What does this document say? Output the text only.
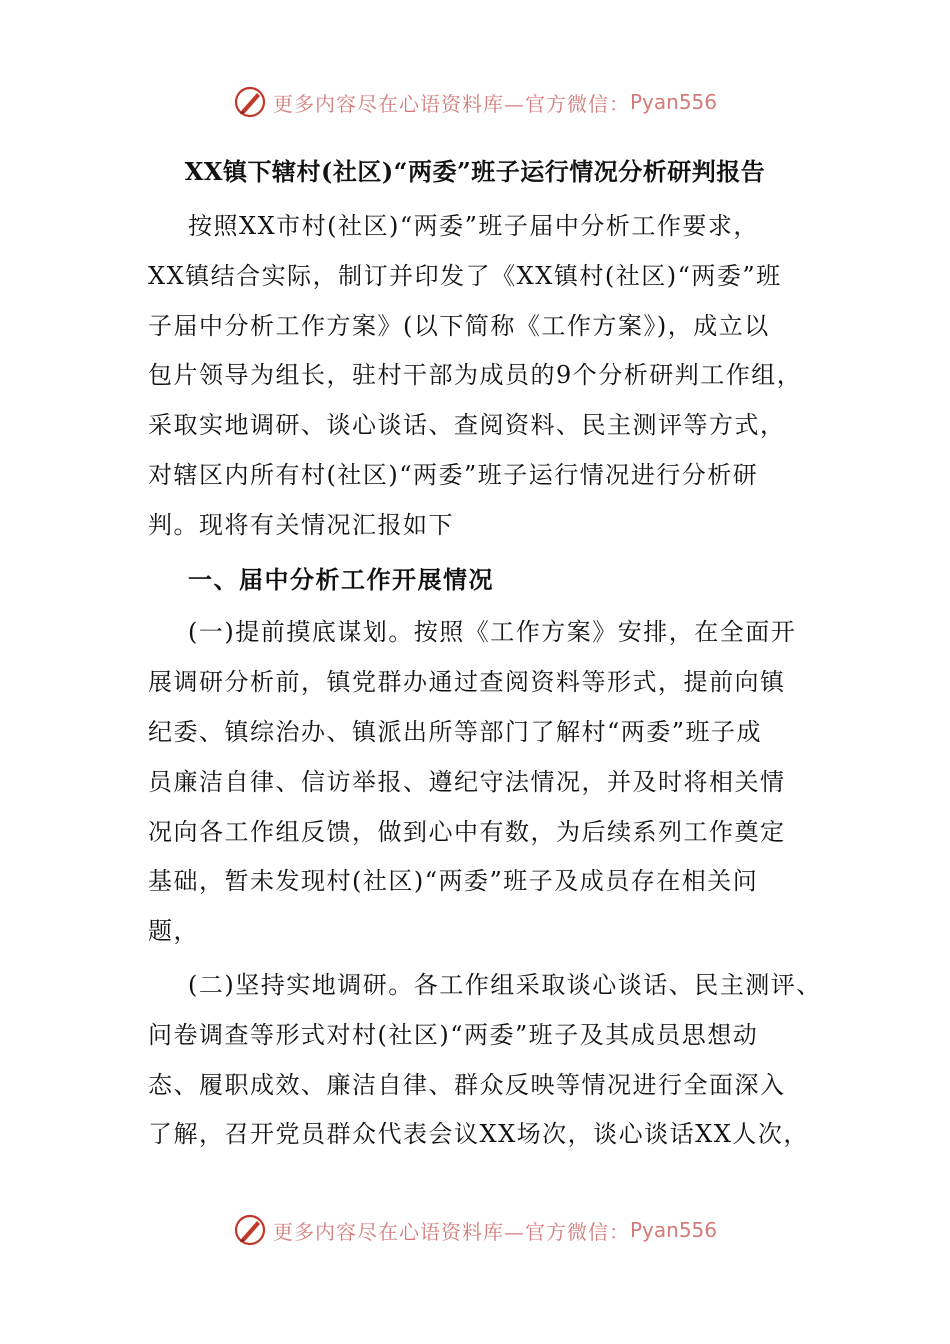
更多内容尽在心语资料库—官方微信： Pyan556
XX镇下辖村(社区)“两委”班子运行情况分析研判报告
按照XX市村(社区)“两委”班子届中分析工作要求，
XX镇结合实际，制订并印发了《XX镇村(社区)“两委”班
子届中分析工作方案》(以下简称《工作方案》)，成立以
包片领导为组长，驻村干部为成员的9个分析研判工作组，
采取实地调研、谈心谈话、查阅资料、民主测评等方式，
对辖区内所有村(社区)“两委”班子运行情况进行分析研
判。现将有关情况汇报如下
一、届中分析工作开展情况
(一)提前摸底谋划。按照《工作方案》安排，在全面开
展调研分析前，镇党群办通过查阅资料等形式，提前向镇
纪委、镇综治办、镇派出所等部门了解村“两委”班子成
员廉洁自律、信访举报、遵纪守法情况，并及时将相关情
况向各工作组反馈，做到心中有数，为后续系列工作奠定
基础，暂未发现村(社区)“两委”班子及成员存在相关问
题，
(二)坚持实地调研。各工作组采取谈心谈话、民主测评、
问卷调查等形式对村(社区)“两委”班子及其成员思想动
态、履职成效、廉洁自律、群众反映等情况进行全面深入
了解，召开党员群众代表会议XX场次，谈心谈话XX人次，
更多内容尽在心语资料库—官方微信： Pyan556
